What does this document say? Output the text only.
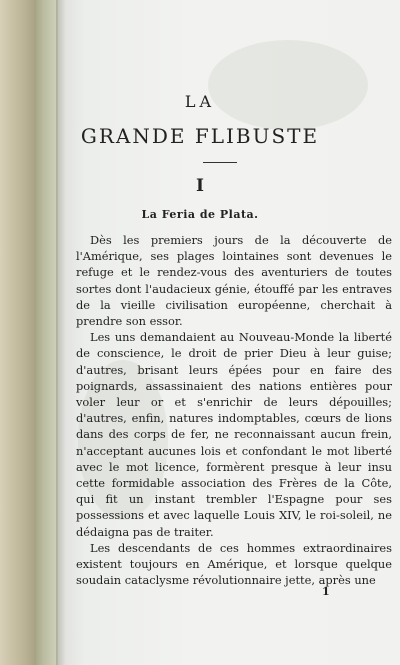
LA
GRANDE FLIBUSTE
I
La Feria de Plata.

Dès les premiers jours de la découverte de l'Amérique, ses plages lointaines sont devenues le refuge et le rendez-vous des aventuriers de toutes sortes dont l'audacieux génie, étouffé par les entraves de la vieille civilisation européenne, cherchait à prendre son essor.

Les uns demandaient au Nouveau-Monde la liberté de conscience, le droit de prier Dieu à leur guise; d'autres, brisant leurs épées pour en faire des poignards, assassinaient des nations entières pour voler leur or et s'enrichir de leurs dépouilles; d'autres, enfin, natures indomptables, cœurs de lions dans des corps de fer, ne reconnaissant aucun frein, n'acceptant aucunes lois et confondant le mot liberté avec le mot licence, formèrent presque à leur insu cette formidable association des Frères de la Côte, qui fit un instant trembler l'Espagne pour ses possessions et avec laquelle Louis XIV, le roi-soleil, ne dédaigna pas de traiter.

Les descendants de ces hommes extraordinaires existent toujours en Amérique, et lorsque quelque soudain cataclysme révolutionnaire jette, après une

1
